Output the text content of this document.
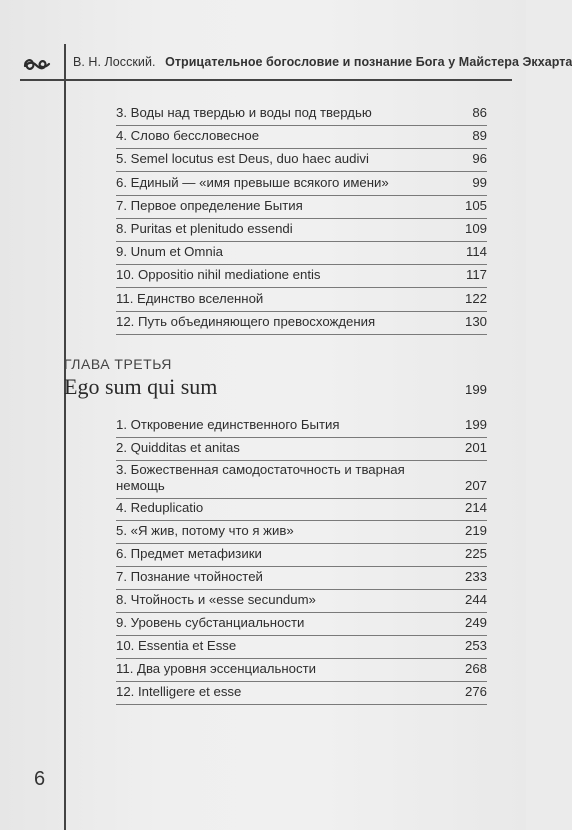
В. Н. Лосский. Отрицательное богословие и познание Бога у Майстера Экхарта
3. Воды над твердью и воды под твердью	86
4. Слово бессловесное	89
5. Semel locutus est Deus, duo haec audivi	96
6. Единый — «имя превыше всякого имени»	99
7. Первое определение Бытия	105
8. Puritas et plenitudo essendi	109
9. Unum et Omnia	114
10. Oppositio nihil mediatione entis	117
11. Единство вселенной	122
12. Путь объединяющего превосхождения	130
ГЛАВА ТРЕТЬЯ
Ego sum qui sum	199
1. Откровение единственного Бытия	199
2. Quidditas et anitas	201
3. Божественная самодостаточность и тварная немощь	207
4. Reduplicatio	214
5. «Я жив, потому что я жив»	219
6. Предмет метафизики	225
7. Познание чтойностей	233
8. Чтойность и «esse secundum»	244
9. Уровень субстанциальности	249
10. Essentia et Esse	253
11. Два уровня эссенциальности	268
12. Intelligere et esse	276
6
